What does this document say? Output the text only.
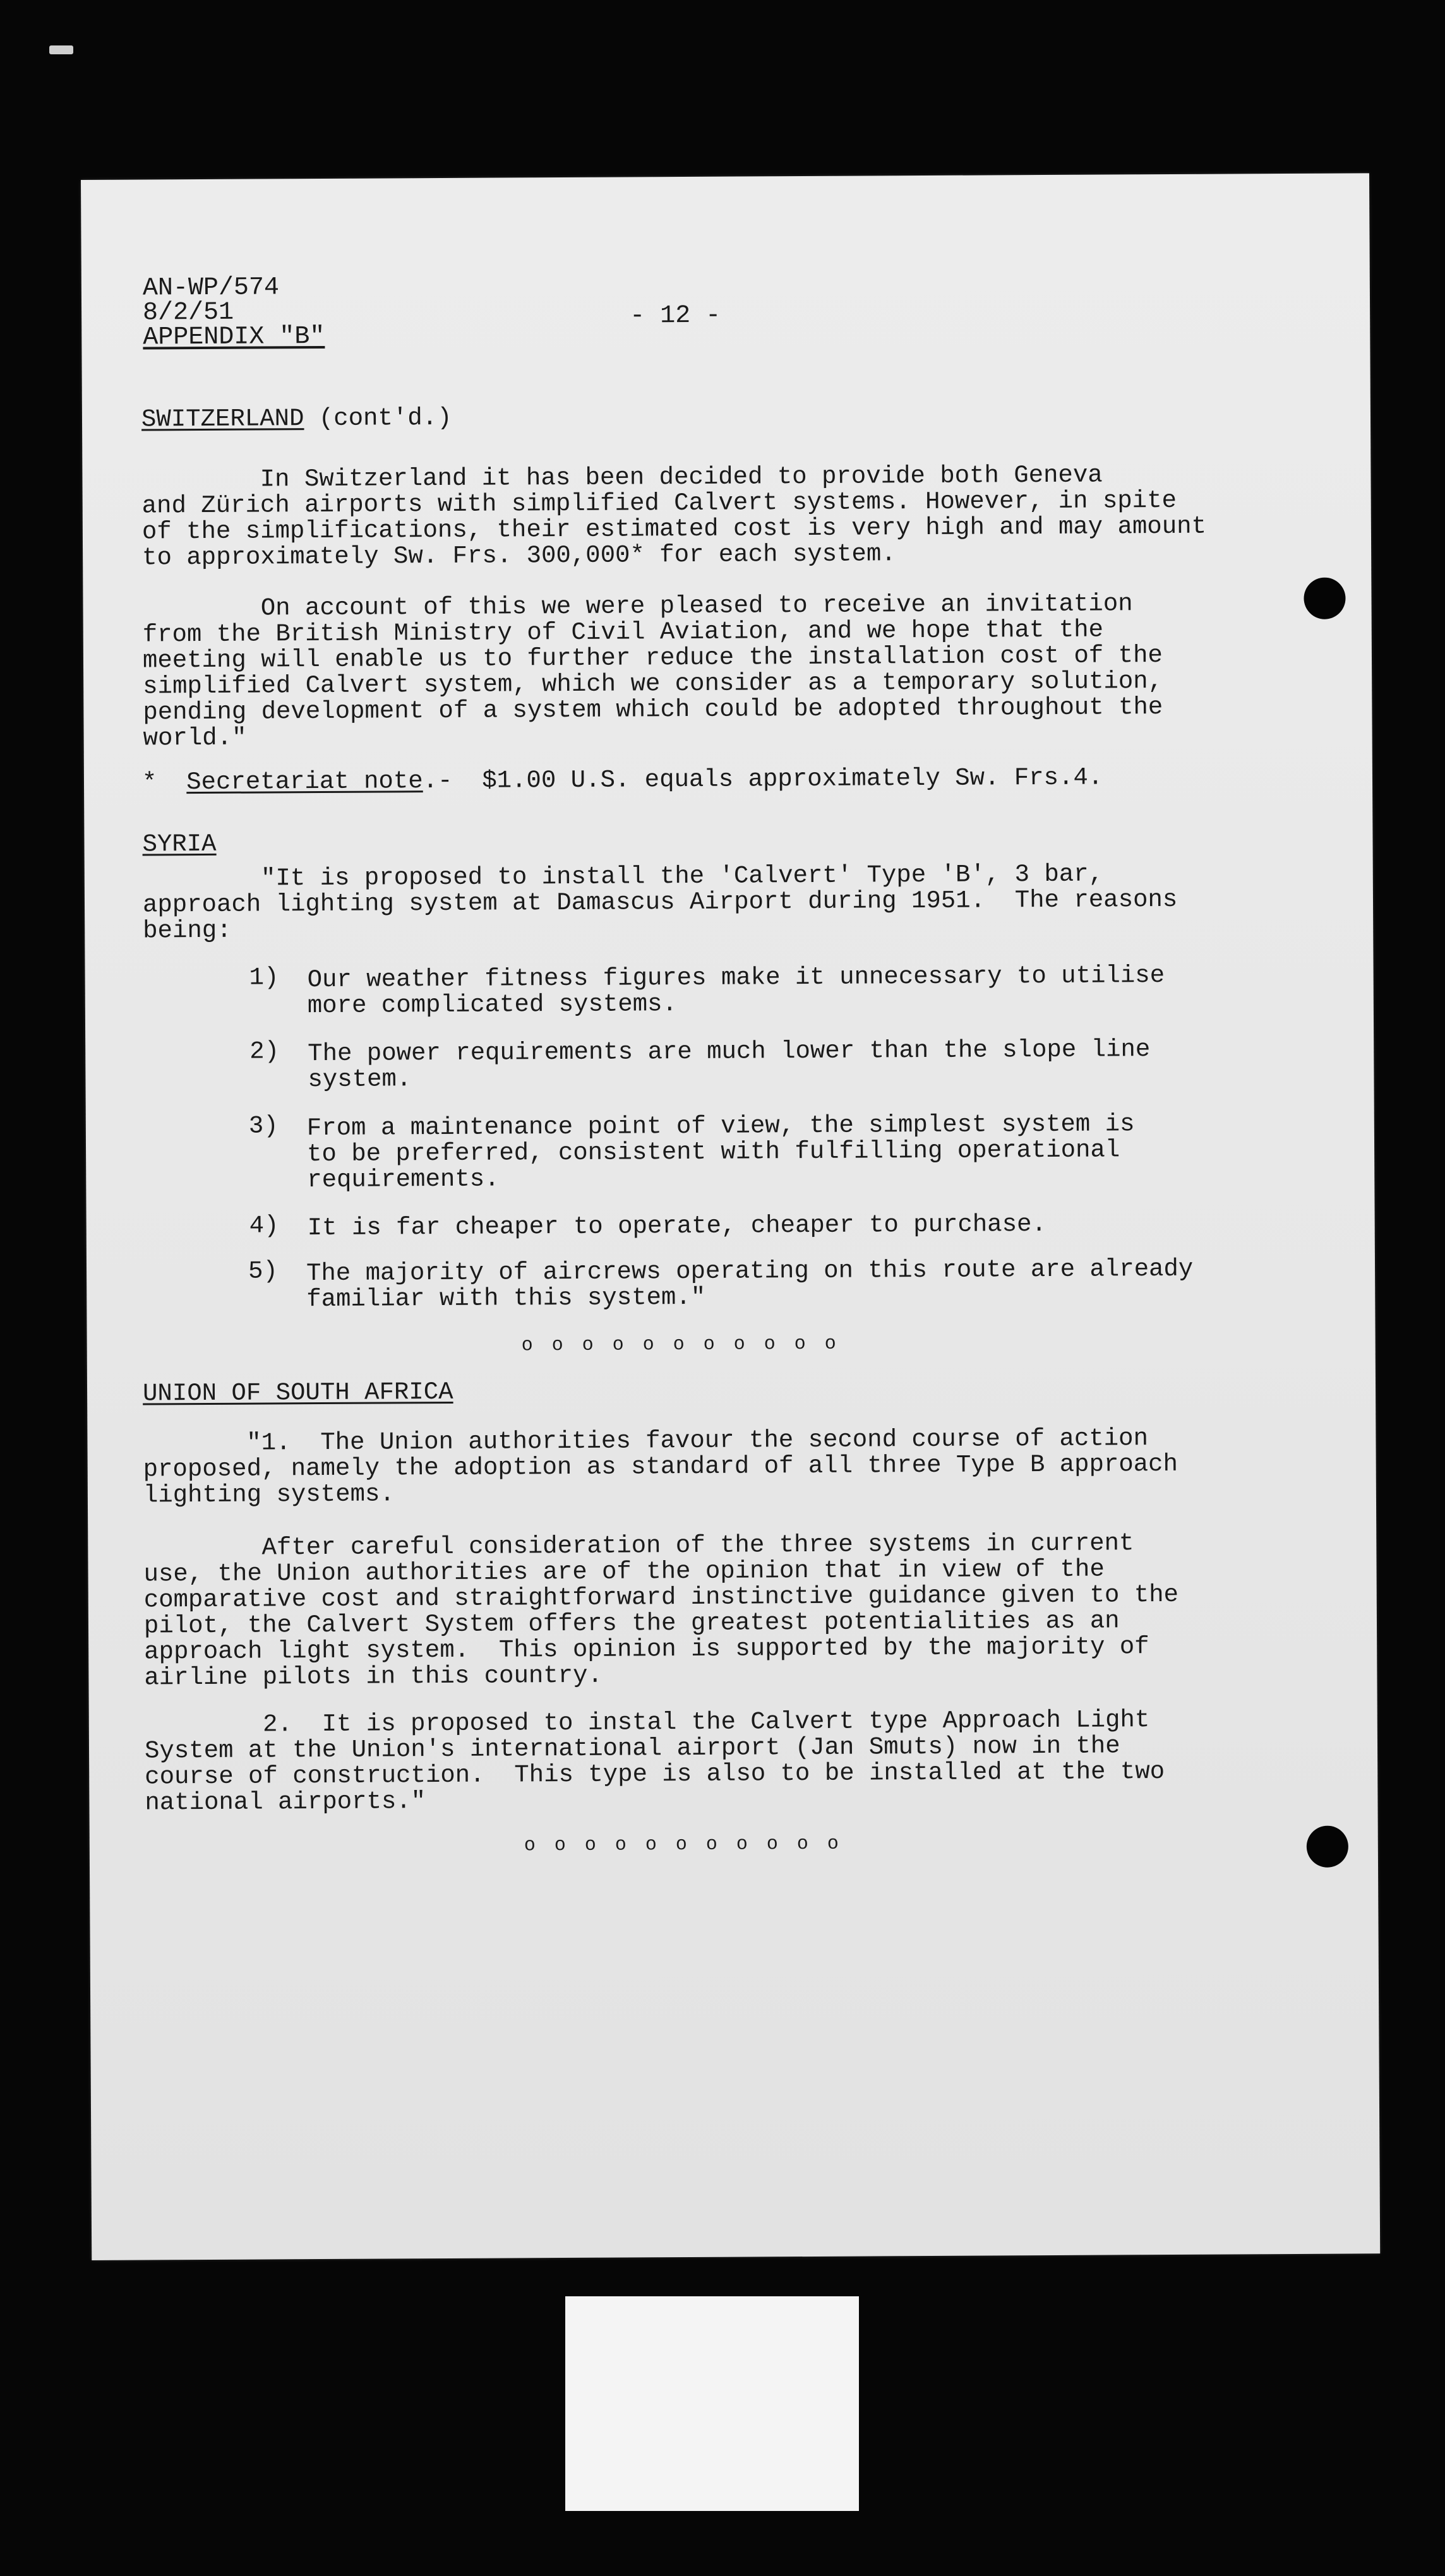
AN-WP/574
8/2/51
APPENDIX "B"
- 12 -
SWITZERLAND (cont'd.)
In Switzerland it has been decided to provide both Geneva
and Zürich airports with simplified Calvert systems. However, in spite
of the simplifications, their estimated cost is very high and may amount
to approximately Sw. Frs. 300,000* for each system.
On account of this we were pleased to receive an invitation
from the British Ministry of Civil Aviation, and we hope that the
meeting will enable us to further reduce the installation cost of the
simplified Calvert system, which we consider as a temporary solution,
pending development of a system which could be adopted throughout the
world."
* Secretariat note.-  $1.00 U.S. equals approximately Sw. Frs.4.
SYRIA
"It is proposed to install the 'Calvert' Type 'B', 3 bar,
approach lighting system at Damascus Airport during 1951.  The reasons
being:
1) Our weather fitness figures make it unnecessary to utilise
more complicated systems.
2) The power requirements are much lower than the slope line
system.
3) From a maintenance point of view, the simplest system is
to be preferred, consistent with fulfilling operational
requirements.
4) It is far cheaper to operate, cheaper to purchase.
5) The majority of aircrews operating on this route are already
familiar with this system."
o o o o o o o o o o o
UNION OF SOUTH AFRICA
"1.  The Union authorities favour the second course of action
proposed, namely the adoption as standard of all three Type B approach
lighting systems.
After careful consideration of the three systems in current
use, the Union authorities are of the opinion that in view of the
comparative cost and straightforward instinctive guidance given to the
pilot, the Calvert System offers the greatest potentialities as an
approach light system.  This opinion is supported by the majority of
airline pilots in this country.
2.  It is proposed to instal the Calvert type Approach Light
System at the Union's international airport (Jan Smuts) now in the
course of construction.  This type is also to be installed at the two
national airports."
o o o o o o o o o o o
